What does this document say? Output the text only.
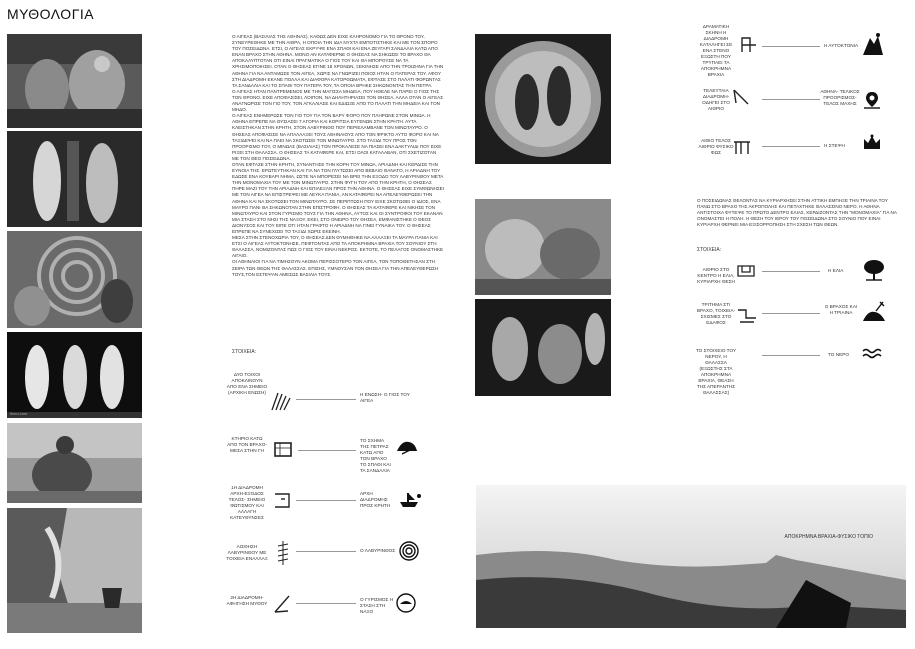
ΜΥΘΟΛΟΓΙΑ
theoi.com

Ο ΑΙΓΕΑΣ (ΒΑΣΙΛΙΑΣ ΤΗΣ ΑΘΗΝΑΣ), ΚΑΘΩΣ ΔΕΝ ΕΙΧΕ ΚΛΗΡΟΝΟΜΟ ΓΙΑ ΤΟ ΘΡΟΝΟ ΤΟΥ, ΣΥΝΕΥΡΕΘΗΚΕ ΜΕ ΤΗΝ ΑΙΘΡΑ, Η ΟΠΟΙΑ ΤΗΝ ΙΔΙΑ ΝΥΧΤΑ ΕΜΠΟΤΙΣΤΗΚΕ ΚΑΙ ΜΕ ΤΟΝ ΣΠΟΡΟ ΤΟΥ ΠΟΣΕΙΔΩΝΑ. ΕΤΣΙ, Ο ΑΙΓΕΑΣ ΕΚΡΥΨΕ ΕΝΑ ΣΠΑΘΙ ΚΑΙ ΕΝΑ ΖΕΥΓΑΡΙ ΣΑΝΔΑΛΙΑ ΚΑΤΩ ΑΠΟ ΕΝΑΝ ΒΡΑΧΟ ΣΤΗΝ ΑΘΗΝΑ. ΜΟΝΟ ΑΝ ΚΑΤΑΦΕΡΝΕ Ο ΘΗΣΕΑΣ ΝΑ ΣΗΚΩΣΕΙ ΤΟ ΒΡΑΧΟ ΘΑ ΑΠΟΚΑΛΥΠΤΟΤΑΝ ΟΤΙ ΕΙΝΑΙ ΠΡΑΓΜΑΤΙΚΑ Ο ΓΙΟΣ ΤΟΥ ΚΑΙ ΘΑ ΜΠΟΡΟΥΣΕ ΝΑ ΤΑ ΧΡΗΣΙΜΟΠΟΙΗΣΕΙ. ΟΤΑΝ Ο ΘΗΣΕΑΣ ΕΓΙΝΕ 16 ΧΡΟΝΩΝ, ΞΕΚΙΝΗΣΕ ΑΠΟ ΤΗΝ ΤΡΟΙΖΗΝΑ ΓΙΑ ΤΗΝ ΑΘΗΝΑ ΓΙΑ ΝΑ ΑΝΤΑΜΩΣΕ ΤΟΝ ΑΙΓΕΑ, ΧΩΡΙΣ ΝΑ ΓΝΩΡΙΖΕΙ ΠΟΙΟΣ ΗΤΑΝ Ο ΠΑΤΕΡΑΣ ΤΟΥ. ΑΦΟΥ ΣΤΗ ΔΙΑΔΡΟΜΗ ΕΚΑΝΕ ΠΟΛΛΑ ΚΑΙ ΔΙΑΦΟΡΑ ΚΑΤΟΡΘΩΜΑΤΑ, ΕΦΤΑΣΕ ΣΤΟ ΠΑΛΑΤΙ ΦΟΡΩΝΤΑΣ ΤΑ ΣΑΝΔΑΛΙΑ ΚΑΙ ΤΟ ΣΠΑΘΙ ΤΟΥ ΠΑΤΕΡΑ ΤΟΥ, ΤΑ ΟΠΟΙΑ ΒΡΗΚΕ ΣΗΚΩΝΟΝΤΑΣ ΤΗΝ ΠΕΤΡΑ.

Ο ΑΙΓΕΑΣ ΗΤΑΝ ΠΑΝΤΡΕΜΕΝΟΣ ΜΕ ΤΗΝ ΜΑΓΙΣΣΑ ΜΗΔΕΙΑ, ΠΟΥ ΗΘΕΛΕ ΝΑ ΠΑΡΕΙ Ο ΓΙΟΣ ΤΗΣ ΤΟΝ ΘΡΟΝΟ. ΕΙΧΕ ΑΠΟΦΑΣΙΣΕΙ, ΛΟΙΠΟΝ, ΝΑ ΔΗΛΗΤΗΡΙΑΣΕΙ ΤΟΝ ΘΗΣΕΑ. ΑΛΛΑ ΟΤΑΝ Ο ΑΙΓΕΑΣ ΑΝΑΓΝΩΡΙΣΕ ΤΟΝ ΓΙΟ ΤΟΥ, ΤΟΝ ΑΓΚΑΛΙΑΣΕ ΚΑΙ ΕΔΙΩΞΕ ΑΠΟ ΤΟ ΠΑΛΑΤΙ ΤΗΝ ΜΗΔΕΙΑ ΚΑΙ ΤΟΝ ΜΗΔΟ.

Ο ΑΙΓΕΑΣ ΕΝΗΜΕΡΩΣΕ ΤΟΝ ΓΙΟ ΤΟΥ ΓΙΑ ΤΟΝ ΒΑΡΥ ΦΟΡΟ ΠΟΥ ΠΛΗΡΩΝΕ ΣΤΟΝ ΜΙΝΩΑ. Η ΑΘΗΝΑ ΕΠΡΕΠΕ ΝΑ ΘΥΣΙΑΣΕΙ 7 ΑΓΟΡΙΑ ΚΑΙ ΚΟΡΙΤΣΙΑ ΕΥΓΕΝΩΝ ΣΤΗΝ ΚΡΗΤΗ. ΑΥΤΑ ΚΛΕΙΣΤΗΚΑΝ ΣΤΗΝ ΚΡΗΤΗ, ΣΤΟΝ ΛΑΒΥΡΙΝΘΟ ΠΟΥ ΠΕΡΙΕΛΑΜΒΑΝΕ ΤΟΝ ΜΙΝΩΤΑΥΡΟ. Ο ΘΗΣΕΑΣ ΑΠΟΦΑΣΙΣΕ ΝΑ ΑΠΑΛΛΑΞΕΙ ΤΟΥΣ ΑΘΗΝΑΙΟΥΣ ΑΠΟ ΤΟΝ ΦΡΙΚΤΟ ΑΥΤΟ ΦΟΡΟ ΚΑΙ ΝΑ ΤΑΞΙΔΕΨΕΙ ΚΑΙ ΝΑ ΠΑΕΙ ΝΑ ΣΚΟΤΩΣΕΙ ΤΟΝ ΜΙΝΩΤΑΥΡΟ. ΣΤΟ ΤΑΞΙΔΙ ΤΟΥ ΠΡΟΣ ΤΟΝ ΠΡΟΟΡΙΣΜΟ ΤΟΥ, Ο ΜΙΝΩΑΣ (ΒΑΣΙΛΙΑΣ) ΤΟΝ ΠΡΟΚΑΛΕΣΕ ΝΑ ΠΙΑΣΕΙ ΕΝΑ ΔΑΚΤΥΛΙΔΙ ΠΟΥ ΕΙΧΕ ΡΙΞΕΙ ΣΤΗ ΘΑΛΑΣΣΑ. Ο ΘΗΣΕΑΣ ΤΑ ΚΑΤΑΦΕΡΕ ΚΑΙ, ΕΤΣΙ ΟΛΟΙ ΚΑΤΑΛΑΒΑΝ, ΟΤΙ ΣΧΕΤΙΖΟΤΑΝ ΜΕ ΤΟΝ ΘΕΟ ΠΟΣΕΙΔΩΝΑ.

ΟΤΑΝ ΕΦΤΑΣΕ ΣΤΗΝ ΚΡΗΤΗ, ΣΥΝΑΝΤΗΣΕ ΤΗΝ ΚΟΡΗ ΤΟΥ ΜΙΝΩΑ, ΑΡΙΑΔΝΗ ΚΑΙ ΚΕΡΔΙΣΕ ΤΗΝ ΕΥΝΟΙΑ ΤΗΣ. ΕΡΩΤΕΥΤΗΚΑΝ ΚΑΙ ΓΙΑ ΝΑ ΤΟΝ ΓΛΥΤΩΣΕΙ ΑΠΟ ΒΕΒΑΙΟ ΘΑΝΑΤΟ, Η ΑΡΙΑΔΝΗ ΤΟΥ ΕΔΩΣΕ ΕΝΑ ΚΟΥΒΑΡΙ ΝΗΜΑ, ΩΣΤΕ ΝΑ ΜΠΟΡΕΣΕΙ ΝΑ ΒΡΕΙ ΤΗΝ ΕΞΟΔΟ ΤΟΥ ΛΑΒΥΡΙΝΘΟΥ ΜΕΤΑ ΤΗΝ ΜΟΝΟΜΑΧΙΑ ΤΟΥ ΜΕ ΤΟΝ ΜΙΝΩΤΑΥΡΟ. ΣΤΗΝ ΦΥΓΗ ΤΟΥ ΑΠΟ ΤΗΝ ΚΡΗΤΗ, Ο ΘΗΣΕΑΣ ΠΗΡΕ ΜΑΖΙ ΤΟΥ ΤΗΝ ΑΡΙΑΔΝΗ ΚΑΙ ΕΠΙΛΕΞΑΝ ΠΡΟΣ ΤΗΝ ΑΘΗΝΑ. Ο ΘΗΣΕΑΣ ΕΙΧΕ ΣΥΜΦΩΝΗΣΕΙ ΜΕ ΤΟΝ ΑΙΓΕΑ ΝΑ ΕΠΙΣΤΡΕΨΕΙ ΜΕ ΛΕΥΚΑ ΠΑΝΙΑ, ΑΝ ΚΑΤΑΦΕΡΕΙ ΝΑ ΑΠΕΛΕΥΘΕΡΩΣΕΙ ΤΗΝ ΑΘΗΝΑ ΚΑΙ ΝΑ ΣΚΟΤΩΣΕΙ ΤΟΝ ΜΙΝΩΤΑΥΡΟ. ΣΕ ΠΕΡΙΠΤΩΣΗ ΠΟΥ ΕΙΧΕ ΣΚΟΤΩΘΕΙ Ο ΙΔΙΟΣ, ΕΝΑ ΜΑΥΡΟ ΠΑΝΙ ΘΑ ΣΗΚΩΝΟΤΑΝ ΣΤΗΝ ΕΠΙΣΤΡΟΦΗ. Ο ΘΗΣΕΑΣ ΤΑ ΚΑΤΑΦΕΡΕ ΚΑΙ ΝΙΚΗΣΕ ΤΟΝ ΜΙΝΩΤΑΥΡΟ ΚΑΙ ΣΤΟΝ ΓΥΡΙΣΜΟ ΤΟΥΣ ΓΙΑ ΤΗΝ ΑΘΗΝΑ, ΑΥΤΟΣ ΚΑΙ ΟΙ ΣΥΝΤΡΟΦΟΙ ΤΟΥ ΕΚΑΝΑΝ ΜΙΑ ΣΤΑΣΗ ΣΤΟ ΝΗΣΙ ΤΗΣ ΝΑΞΟΥ. ΕΚΕΙ, ΣΤΟ ΟΝΕΙΡΟ ΤΟΥ ΘΗΣΕΑ, ΕΜΦΑΝΙΣΤΗΚΕ Ο ΘΕΟΣ ΔΙΟΝΥΣΟΣ ΚΑΙ ΤΟΥ ΕΙΠΕ ΟΤΙ ΗΤΑΝ ΓΡΑΦΤΟ Η ΑΡΙΑΔΝΗ ΝΑ ΓΙΝΕΙ ΓΥΝΑΙΚΑ ΤΟΥ. Ο ΘΗΣΕΑΣ ΕΠΡΕΠΕ ΝΑ ΣΥΝΕΧΙΣΕΙ ΤΟ ΤΑΞΙΔΙ ΧΩΡΙΣ ΕΚΕΙΝΗ.

ΜΕΣΑ ΣΤΗΝ ΣΤΕΝΟΧΩΡΙΑ ΤΟΥ, Ο ΘΗΣΕΑΣ ΔΕΝ ΘΥΜΗΘΗΚΕ ΝΑ ΑΛΛΑΞΕΙ ΤΑ ΜΑΥΡΑ ΠΑΝΙΑ ΚΑΙ ΕΤΣΙ Ο ΑΙΓΕΑΣ ΑΥΤΟΚΤΟΝΗΣΕ, ΠΕΦΤΟΝΤΑΣ ΑΠΟ ΤΑ ΑΠΟΚΡΗΜΝΑ ΒΡΑΧΙΑ ΤΟΥ ΣΟΥΝΙΟΥ ΣΤΗ ΘΑΛΑΣΣΑ, ΝΟΜΙΖΟΝΤΑΣ ΠΩΣ Ο ΓΙΟΣ ΤΟΥ ΕΙΝΑΙ ΝΕΚΡΟΣ. ΕΚΤΟΤΕ, ΤΟ ΠΕΛΑΓΟΣ ΟΝΟΜΑΣΤΗΚΕ ΑΙΓΑΙΟ.

ΟΙ ΑΘΗΝΑΙΟΙ ΓΙΑ ΝΑ ΤΙΜΗΣΟΥΝ ΑΚΟΜΑ ΠΕΡΙΣΣΟΤΕΡΟ ΤΟΝ ΑΙΓΕΑ, ΤΟΝ ΤΟΠΟΘΕΤΗΣΑΝ ΣΤΗ ΣΕΙΡΑ ΤΩΝ ΘΕΩΝ ΤΗΣ ΘΑΛΑΣΣΑΣ. ΕΠΙΣΗΣ, ΥΜΝΟΥΣΑΝ ΤΟΝ ΘΗΣΕΑ ΓΙΑ ΤΗΝ ΑΠΕΛΕΥΘΕΡΩΣΗ ΤΟΥΣ,ΤΟΝ ΕΣΤΕΨΑΝ ΑΜΕΣΩΣ ΒΑΣΙΛΙΑ ΤΟΥΣ.

ΣΤΟΙΧΕΙΑ:
ΔΥΟ ΤΟΙΧΟΙ ΑΠΟΚΛΙΝΟΥΝ ΑΠΟ ΕΝΑ ΣΗΜΕΙΟ (ΑΡΧΙΚΗ ΕΝΩΣΗ)	Η ΕΝΩΣΗ- Ο ΓΙΟΣ ΤΟΥ ΑΙΓΕΑ
ΚΤΗΡΙΟ ΚΑΤΩ ΑΠΟ ΤΟΝ ΒΡΑΧΟ-ΜΕΣΑ ΣΤΗΝ ΓΗ
ΤΟ ΣΧΗΜΑ ΤΗΣ ΠΕΤΡΑΣ ΚΑΤΩ ΑΠΟ ΤΟΝ ΒΡΑΧΟ ΤΟ ΣΠΑΘΙ ΚΑΙ ΤΑ ΣΑΝΔΑΛΙΑ
1Η ΔΙΑΔΡΟΜΗ ΑΡΧΗ-ΕΞΟΔΟΣ ΤΕΛΟΣ- ΣΗΜΕΙΟ ΦΩΤΙΣΜΟΥ ΚΑΙ ΑΛΛΑΓΗ ΚΑΤΕΥΘΥΝΣΕΣ
ΑΡΧΗ ΔΙΑΔΡΟΜΗΣ ΠΡΟΣ ΚΡΗΤΗ
ΑΙΣΘΗΣΗ ΛΑΒΥΡΙΝΘΟΥ ΜΕ ΤΟΙΧΕΙΑ ΕΝΑΛΛΑΞ
Ο ΛΑΒΥΡΙΝΘΟΣ
2Η ΔΙΑΔΡΟΜΗ- ΑΦΗΓΗΣΗ ΜΥΘΟΥ
Ο ΓΥΡΙΣΜΟΣ Η ΣΤΑΣΗ ΣΤΗ ΝΑΞΟ
ΔΡΑΜΑΤΙΚΗ ΣΚΗΝΗ Η ΔΙΑΔΡΟΜΗ ΚΑΤΑΛΗΓΕΙ ΣΕ ΕΝΑ ΣΤΕΝΟ ΕΞΩΣΤΗ ΠΟΥ ΤΡΥΠΑΕΙ ΤΑ ΑΠΟΚΡΗΜΝΑ ΒΡΑΧΙΑ
Η ΑΥΤΟΚΤΟΝΙΑ
ΤΕΛΕΥΤΑΙΑ ΔΙΑΔΡΟΜΗ- ΟΔΗΓΕΙ ΣΤΟ ΑΙΘΡΙΟ
ΑΘΗΝΑ- ΤΕΛΙΚΟΣ ΠΡΟΟΡΙΣΜΟΣ- ΤΕΛΟΣ ΜΑΧΗΣ
ΑΙΘΙΟ ΤΕΛΟΣ ΑΙΘΡΙΟ ΦΥΣΙΚΟ ΦΩΣ
Η ΣΤΕΨΗ
Ο ΠΟΣΕΙΔΩΝΑΣ ΘΕΛΟΝΤΑΣ ΝΑ ΚΥΡΙΑΡΧΗΣΕΙ ΣΤΗΝ ΑΤΤΙΚΗ ΕΜΠΗΞΕ ΤΗΝ ΤΡΙΑΙΝΑ ΤΟΥ ΠΑΝΩ ΣΤΟ ΒΡΑΧΟ ΤΗΣ ΑΚΡΟΠΟΛΗΣ ΚΑΙ ΠΕΤΑΧΤΗΚΕ ΘΑΛΑΣΣΙΝΟ ΝΕΡΟ. Η ΑΘΗΝΑ ΑΝΤΙΣΤΟΙΧΑ ΦΥΤΕΨΕ ΤΟ ΠΡΩΤΟ ΔΕΝΤΡΟ ΕΛΙΑΣ, ΚΕΡΔΙΖΟΝΤΑΣ ΤΗΝ "ΜΟΝΟΜΑΧΙΑ" ΓΙΑ ΝΑ ΟΝΟΜΑΣΤΕΙ Η ΠΟΛΗ. Η ΘΕΣΗ ΤΟΥ ΙΕΡΟΥ ΤΟΥ ΠΟΣΕΙΔΩΝΑ ΣΤΟ ΣΟΥΝΙΟ ΠΟΥ ΕΙΝΑΙ ΚΥΡΙΑΡΧΗ ΦΕΡΝΕΙ ΜΙΑ ΕΞΙΣΟΡΡΟΠΗΣΗ ΣΤΗ ΣΧΕΣΗ ΤΩΝ ΘΕΩΝ.
ΣΤΟΙΧΕΙΑ:
ΑΙΘΡΙΟ ΣΤΟ ΚΕΝΤΡΟ Η ΕΛΙΑ, ΚΥΡΙΑΡΧΗ ΘΕΣΗ
Η ΕΛΙΑ
ΤΡΙΤΗΜΑ ΣΤΙ ΒΡΑΧΟ, ΤΟΙΧΕΙΑ- ΣΧΙΣΜΕΣ ΣΤΟ ΕΔΑΦΟΣ
Ο ΒΡΑΧΟΣ ΚΑΙ Η ΤΡΙΑΙΝΑ
ΤΟ ΣΤΟΙΧΕΙΟ ΤΟΥ ΝΕΡΟΥ, Η ΘΑΛΑΣΣΑ (ΕΞΩΣΤΗΣ ΣΤΑ ΑΠΟΚΡΗΜΝΑ ΒΡΑΧΙΑ, ΘΕΑΣΗ ΤΗΣ ΑΠΕΡΑΝΤΗΣ ΘΑΛΑΣΣΑΣ)
ΤΟ ΝΕΡΟ
ΑΠΟΚΡΗΜΝΑ ΒΡΑΧΙΑ-ΦΥΣΙΚΟ ΤΟΠΙΟ
